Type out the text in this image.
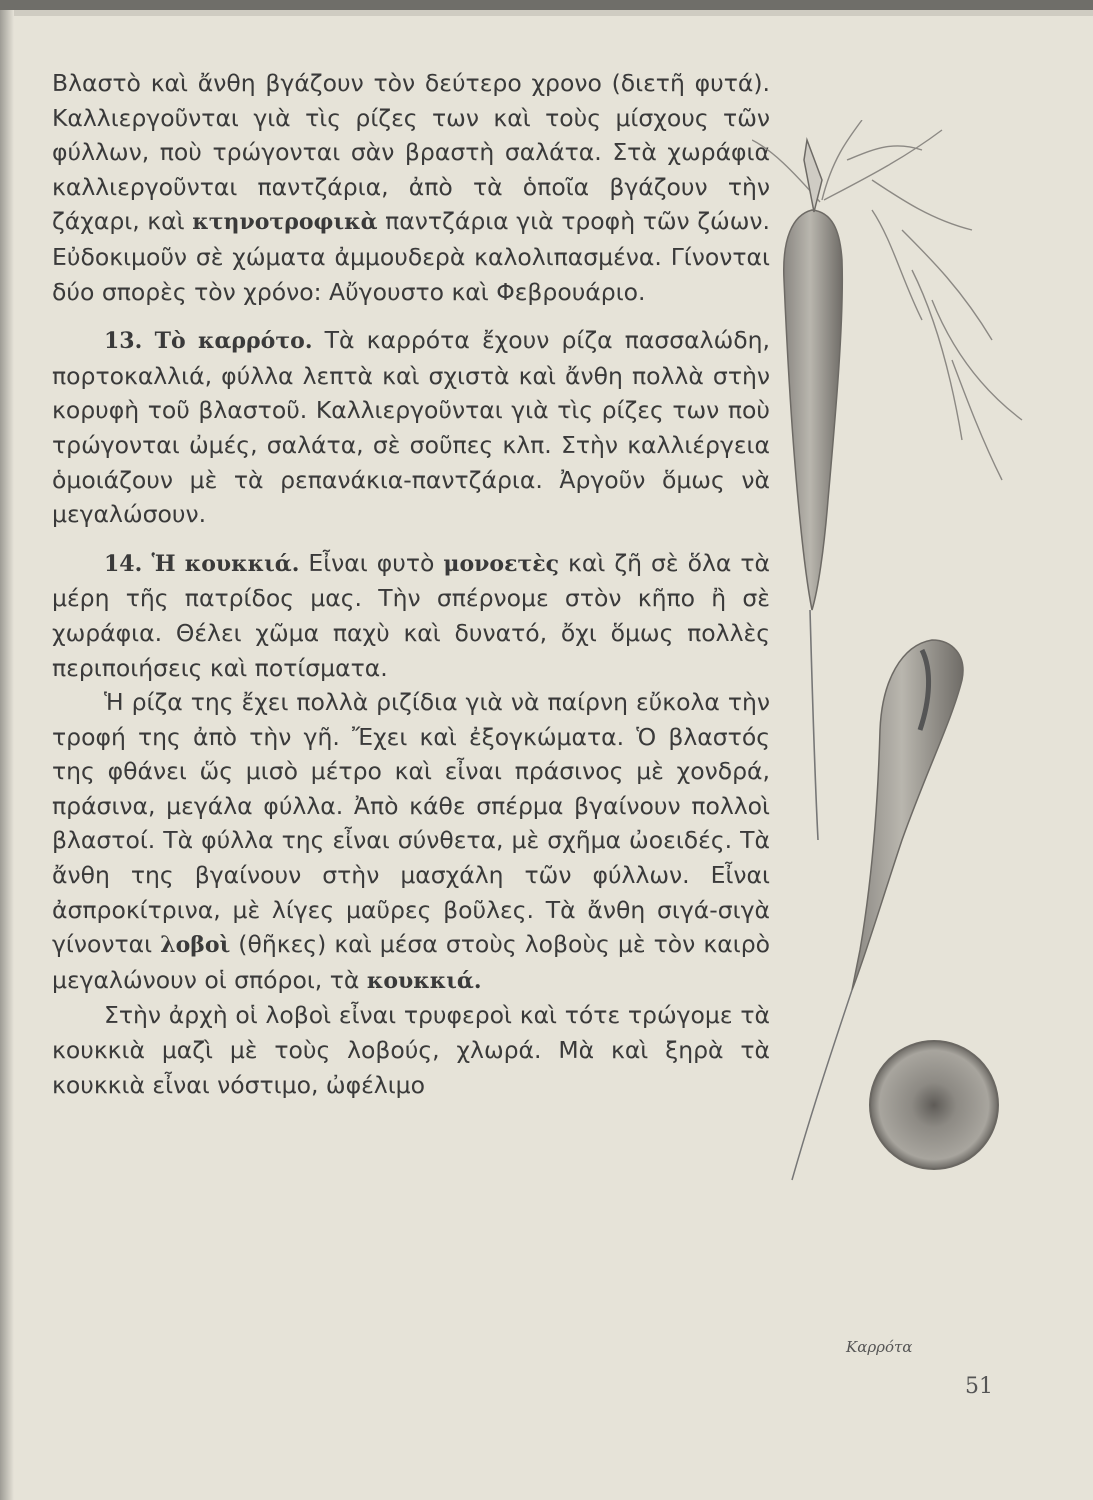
Βλαστὸ καὶ ἄνθη βγάζουν τὸν δεύτερο χρονο (διετῆ φυτά). Καλλιεργοῦνται γιὰ τὶς ρίζες των καὶ τοὺς μίσχους τῶν φύλλων, ποὺ τρώγονται σὰν βραστὴ σαλάτα. Στὰ χωράφια καλλιεργοῦνται παντζάρια, ἀπὸ τὰ ὁποῖα βγάζουν τὴν ζάχαρι, καὶ κτηνοτροφικὰ παντζάρια γιὰ τροφὴ τῶν ζώων. Εὐδοκιμοῦν σὲ χώματα ἀμμουδερὰ καλολιπασμένα. Γίνονται δύο σπορὲς τὸν χρόνο: Αὔγουστο καὶ Φεβρουάριο.

13. Τὸ καρρότο. Τὰ καρρότα ἔχουν ρίζα πασσαλώδη, πορτοκαλλιά, φύλλα λεπτὰ καὶ σχιστὰ καὶ ἄνθη πολλὰ στὴν κορυφὴ τοῦ βλαστοῦ. Καλλιεργοῦνται γιὰ τὶς ρίζες των ποὺ τρώγονται ὠμές, σαλάτα, σὲ σοῦπες κλπ. Στὴν καλλιέργεια ὁμοιάζουν μὲ τὰ ρεπανάκια-παντζάρια. Ἀργοῦν ὅμως νὰ μεγαλώσουν.

14. Ἡ κουκκιά. Εἶναι φυτὸ μονοετὲς καὶ ζῆ σὲ ὅλα τὰ μέρη τῆς πατρίδος μας. Τὴν σπέρνομε στὸν κῆπο ἢ σὲ χωράφια. Θέλει χῶμα παχὺ καὶ δυνατό, ὄχι ὅμως πολλὲς περιποιήσεις καὶ ποτίσματα.

Ἡ ρίζα της ἔχει πολλὰ ριζίδια γιὰ νὰ παίρνη εὔκολα τὴν τροφή της ἀπὸ τὴν γῆ. Ἔχει καὶ ἐξογκώματα. Ὁ βλαστός της φθάνει ὥς μισὸ μέτρο καὶ εἶναι πράσινος μὲ χονδρά, πράσινα, μεγάλα φύλλα. Ἀπὸ κάθε σπέρμα βγαίνουν πολλοὶ βλαστοί. Τὰ φύλλα της εἶναι σύνθετα, μὲ σχῆμα ὠοειδές. Τὰ ἄνθη της βγαίνουν στὴν μασχάλη τῶν φύλλων. Εἶναι ἀσπροκίτρινα, μὲ λίγες μαῦρες βοῦλες. Τὰ ἄνθη σιγά-σιγὰ γίνονται λοβοὶ (θῆκες) καὶ μέσα στοὺς λοβοὺς μὲ τὸν καιρὸ μεγαλώνουν οἱ σπόροι, τὰ κουκκιά.

Στὴν ἀρχὴ οἱ λοβοὶ εἶναι τρυφεροὶ καὶ τότε τρώγομε τὰ κουκκιὰ μαζὶ μὲ τοὺς λοβούς, χλωρά. Μὰ καὶ ξηρὰ τὰ κουκκιὰ εἶναι νόστιμο, ὠφέλιμο

Καρρότα
51
